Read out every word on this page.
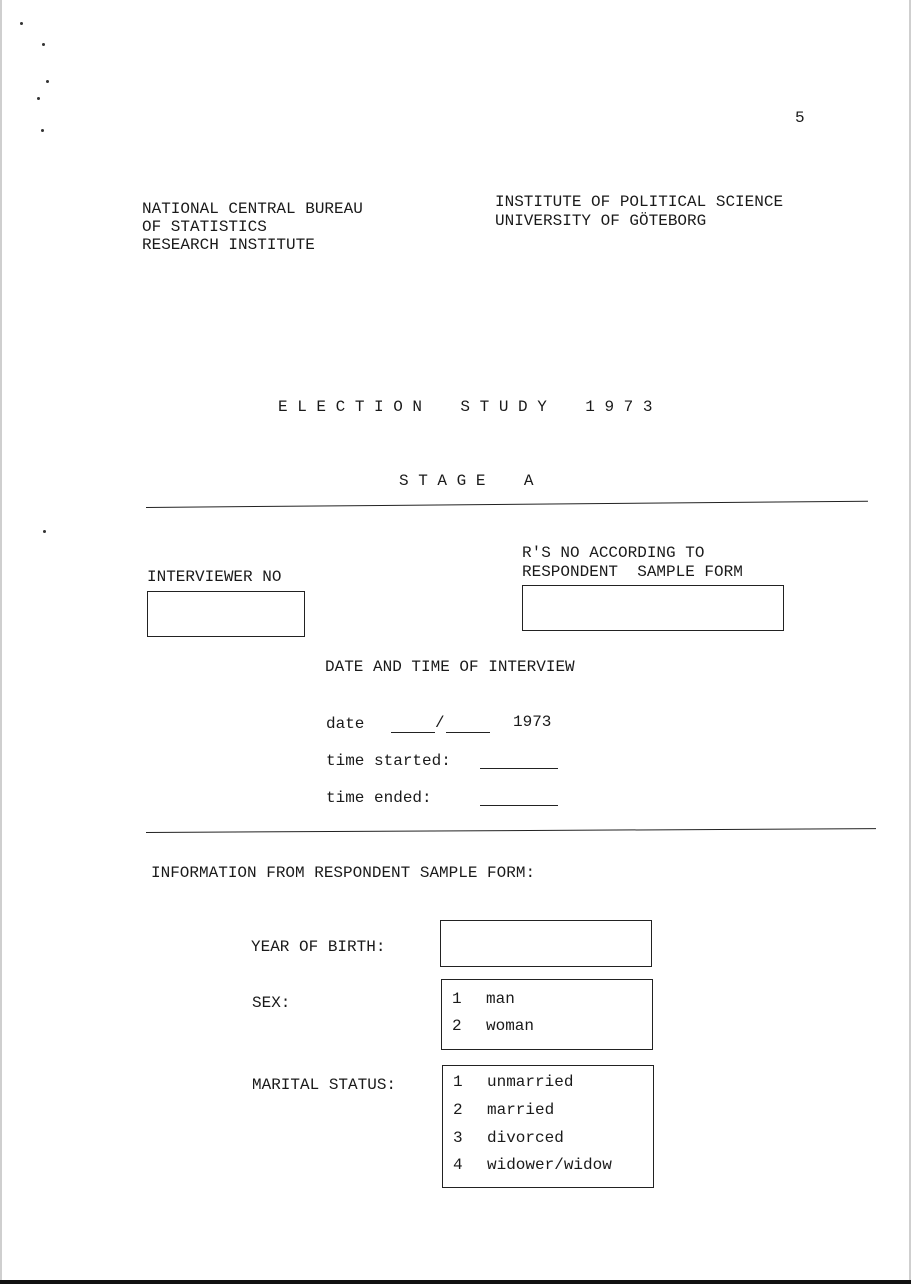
5
NATIONAL CENTRAL BUREAU
OF STATISTICS
RESEARCH INSTITUTE
INSTITUTE OF POLITICAL SCIENCE
UNIVERSITY OF GÖTEBORG
E L E C T I O N    S T U D Y    1 9 7 3
S T A G E    A
INTERVIEWER NO
R'S NO ACCORDING TO
RESPONDENT  SAMPLE FORM
DATE AND TIME OF INTERVIEW
date	/	1973
time started:
time ended:
INFORMATION FROM RESPONDENT SAMPLE FORM:
YEAR OF BIRTH:
SEX:	1 man
2 woman
MARITAL STATUS:	1 unmarried
2 married
3 divorced
4 widower/widow
